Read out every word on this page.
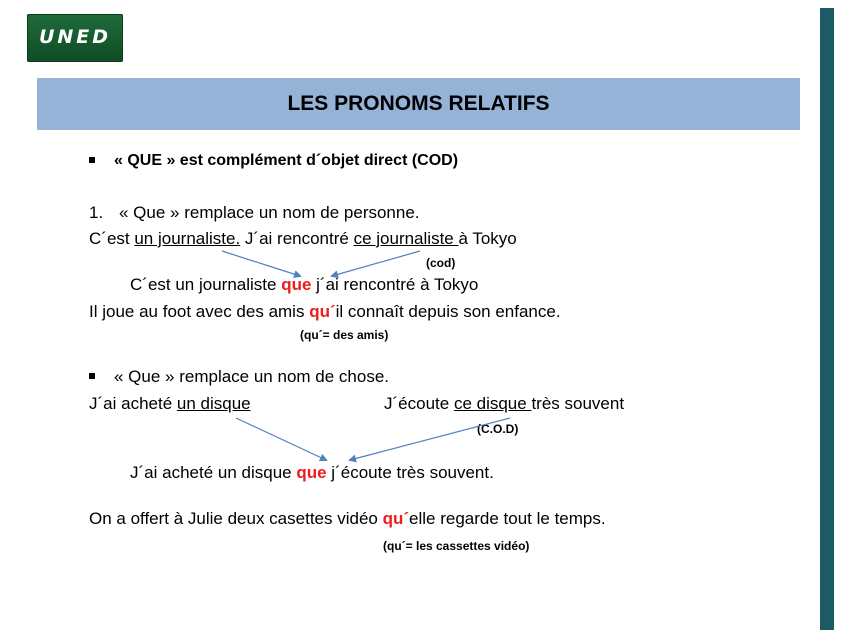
UNED
LES PRONOMS RELATIFS
« QUE » est complément d´objet direct (COD)
1. « Que » remplace un nom de personne.
C´est un journaliste. J´ai rencontré ce journaliste à Tokyo
(cod)
C´est un journaliste que j´ai rencontré à Tokyo
Il joue au foot avec des amis qu´il connaît depuis son enfance.
(qu´= des amis)
« Que » remplace un nom de chose.
J´ai acheté un disque	J´écoute ce disque très souvent
(C.O.D)
J´ai acheté un disque que j´écoute très souvent.
On a offert à Julie deux casettes vidéo qu´elle regarde tout le temps.
(qu´= les cassettes vidéo)
